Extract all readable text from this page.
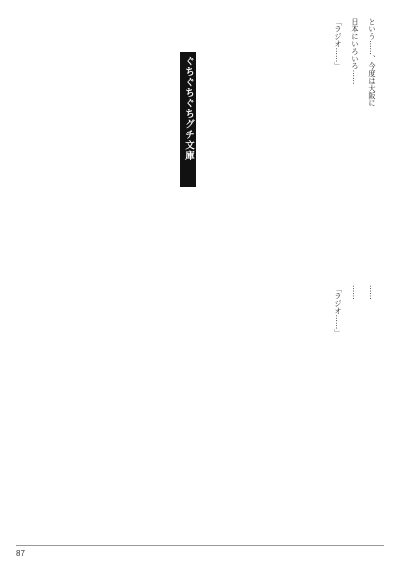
という……、今度は大阪に

日本にいろいろ……

「ラジオ……」

ぐちぐちぐちグチ文庫

……

……

「ラジオ……」

87
